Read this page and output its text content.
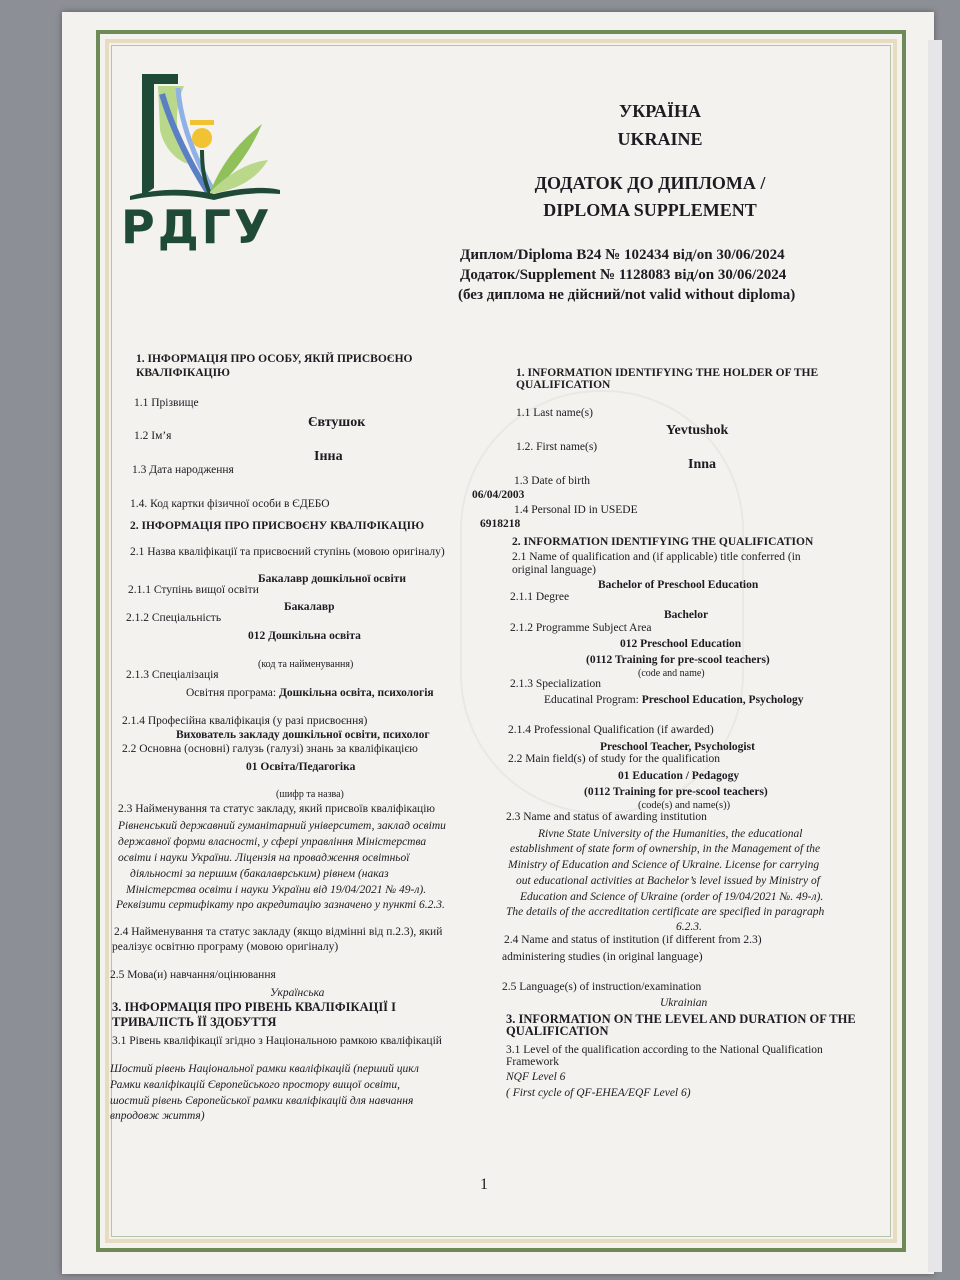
РДГУ
УКРАЇНА
UKRAINE
ДОДАТОК ДО ДИПЛОМА /
DIPLOMA SUPPLEMENT
Диплом/Diploma B24 № 102434 від/on 30/06/2024
Додаток/Supplement № 1128083 від/on 30/06/2024
(без диплома не дійсний/not valid without diploma)
1. ІНФОРМАЦІЯ ПРО ОСОБУ, ЯКІЙ ПРИСВОЄНО
КВАЛІФІКАЦІЮ
1.1 Прізвище
Євтушок
1.2 Ім’я
Інна
1.3 Дата народження
06/04/2003
1.4. Код картки фізичної особи в ЄДЕБО
6918218
2. ІНФОРМАЦІЯ ПРО ПРИСВОЄНУ КВАЛІФІКАЦІЮ
2.1 Назва кваліфікації та присвоєний ступінь (мовою оригіналу)
Бакалавр дошкільної освіти
2.1.1 Ступінь вищої освіти
Бакалавр
2.1.2 Спеціальність
012 Дошкільна освіта
(код та найменування)
2.1.3 Спеціалізація
Освітня програма: Дошкільна освіта, психологія
2.1.4 Професійна кваліфікація (у разі присвоєння)
Вихователь закладу дошкільної освіти, психолог
2.2 Основна (основні) галузь (галузі) знань за кваліфікацією
01 Освіта/Педагогіка
(шифр та назва)
2.3 Найменування та статус закладу, який присвоїв кваліфікацію
Рівненський державний гуманітарний університет, заклад освіти
державної форми власності, у сфері управління Міністерства
освіти і науки України. Ліцензія на провадження освітньої
діяльності за першим (бакалаврським) рівнем (наказ
Міністерства освіти і науки України від 19/04/2021 № 49-л).
Реквізити сертифікату про акредитацію зазначено у пункті 6.2.3.
2.4 Найменування та статус закладу (якщо відмінні від п.2.3), який
реалізує освітню програму (мовою оригіналу)
2.5 Мова(и) навчання/оцінювання
Українська
3. ІНФОРМАЦІЯ ПРО РІВЕНЬ КВАЛІФІКАЦІЇ І
ТРИВАЛІСТЬ ЇЇ ЗДОБУТТЯ
3.1 Рівень кваліфікації згідно з Національною рамкою кваліфікацій
Шостий рівень Національної рамки кваліфікацій (перший цикл
Рамки кваліфікацій Європейського простору вищої освіти,
шостий рівень Європейської рамки кваліфікацій для навчання
впродовж життя)
1. INFORMATION IDENTIFYING THE HOLDER OF THE
QUALIFICATION
1.1 Last name(s)
Yevtushok
1.2. First name(s)
Inna
1.3 Date of birth
1.4 Personal ID in USEDE
2. INFORMATION IDENTIFYING THE QUALIFICATION
2.1 Name of qualification and (if applicable) title conferred (in
original language)
Bachelor of Preschool Education
2.1.1 Degree
Bachelor
2.1.2 Programme Subject Area
012 Preschool Education
(0112 Training for pre-scool teachers)
(code and name)
2.1.3 Specialization
Educatinal Program: Preschool Education, Psychology
2.1.4 Professional Qualification (if awarded)
Preschool Teacher, Psychologist
2.2 Main field(s) of study for the qualification
01 Education / Pedagogy
(0112 Training for pre-scool teachers)
(code(s) and name(s))
2.3 Name and status of awarding institution
Rivne State University of the Humanities, the educational
establishment of state form of ownership, in the Management of the
Ministry of Education and Science of Ukraine. License for carrying
out educational activities at Bachelor’s level issued by Ministry of
Education and Science of Ukraine (order of 19/04/2021 №. 49-л).
The details of the accreditation certificate are specified in paragraph
6.2.3.
2.4 Name and status of institution (if different from 2.3)
administering studies (in original language)
2.5 Language(s) of instruction/examination
Ukrainian
3. INFORMATION ON THE LEVEL AND DURATION OF THE
QUALIFICATION
3.1 Level of the qualification according to the National Qualification
Framework
NQF Level 6
( First cycle of QF-EHEA/EQF Level 6)
1
